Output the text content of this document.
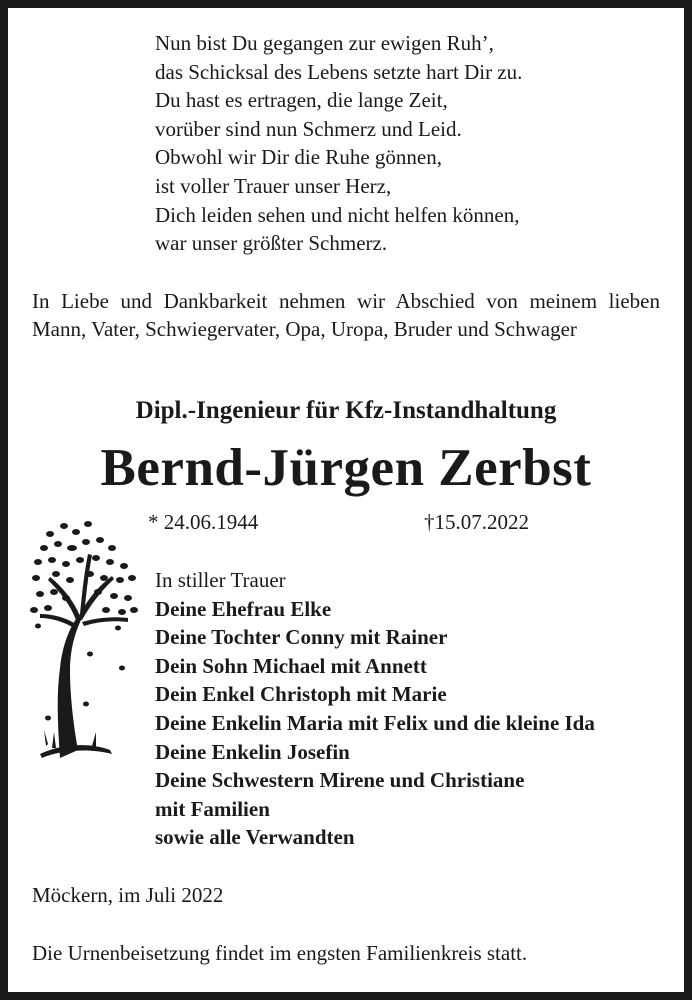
Nun bist Du gegangen zur ewigen Ruh’,
das Schicksal des Lebens setzte hart Dir zu.
Du hast es ertragen, die lange Zeit,
vorüber sind nun Schmerz und Leid.
Obwohl wir Dir die Ruhe gönnen,
ist voller Trauer unser Herz,
Dich leiden sehen und nicht helfen können,
war unser größter Schmerz.
In Liebe und Dankbarkeit nehmen wir Abschied von meinem lieben Mann, Vater, Schwiegervater, Opa, Uropa, Bruder und Schwager
Dipl.-Ingenieur für Kfz-Instandhaltung
Bernd-Jürgen Zerbst
* 24.06.1944	†15.07.2022
In stiller Trauer
Deine Ehefrau Elke
Deine Tochter Conny mit Rainer
Dein Sohn Michael mit Annett
Dein Enkel Christoph mit Marie
Deine Enkelin Maria mit Felix und die kleine Ida
Deine Enkelin Josefin
Deine Schwestern Mirene und Christiane
mit Familien
sowie alle Verwandten
Möckern, im Juli 2022
Die Urnenbeisetzung findet im engsten Familienkreis statt.
